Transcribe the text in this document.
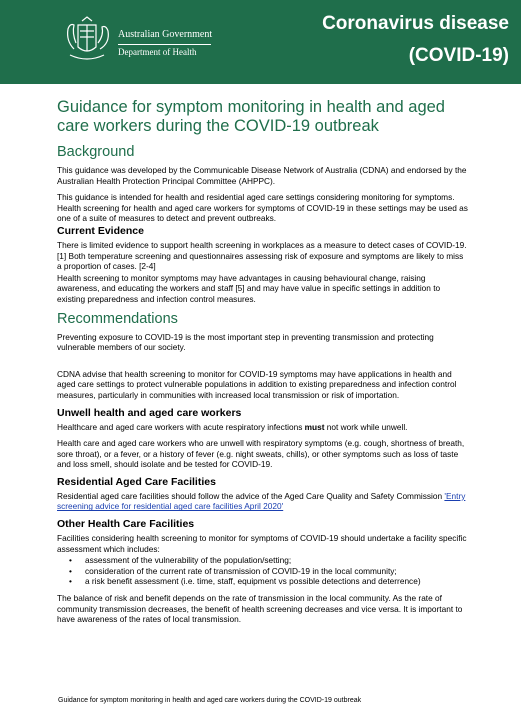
Australian Government
Department of Health
Coronavirus disease
(COVID-19)
Guidance for symptom monitoring in health and aged care workers during the COVID-19 outbreak
Background

This guidance was developed by the Communicable Disease Network of Australia (CDNA) and endorsed by the Australian Health Protection Principal Committee (AHPPC).

This guidance is intended for health and residential aged care settings considering monitoring for symptoms. Health screening for health and aged care workers for symptoms of COVID-19 in these settings may be used as one of a suite of measures to detect and prevent outbreaks.

Current Evidence

There is limited evidence to support health screening in workplaces as a measure to detect cases of COVID-19. [1] Both temperature screening and questionnaires assessing risk of exposure and symptoms are likely to miss a proportion of cases. [2-4]

Health screening to monitor symptoms may have advantages in causing behavioural change, raising awareness, and educating the workers and staff [5] and may have value in specific settings in addition to existing preparedness and infection control measures.

Recommendations

Preventing exposure to COVID-19 is the most important step in preventing transmission and protecting vulnerable members of our society.

CDNA advise that health screening to monitor for COVID-19 symptoms may have applications in health and aged care settings to protect vulnerable populations in addition to existing preparedness and infection control measures, particularly in communities with increased local transmission or risk of importation.

Unwell health and aged care workers

Healthcare and aged care workers with acute respiratory infections must not work while unwell.

Health care and aged care workers who are unwell with respiratory symptoms (e.g. cough, shortness of breath, sore throat), or a fever, or a history of fever (e.g. night sweats, chills), or other symptoms such as loss of taste and loss smell, should isolate and be tested for COVID-19.

Residential Aged Care Facilities

Residential aged care facilities should follow the advice of the Aged Care Quality and Safety Commission 'Entry screening advice for residential aged care facilities April 2020'

Other Health Care Facilities

Facilities considering health screening to monitor for symptoms of COVID-19 should undertake a facility specific assessment which includes:

• assessment of the vulnerability of the population/setting;
• consideration of the current rate of transmission of COVID-19 in the local community;
• a risk benefit assessment (i.e. time, staff, equipment vs possible detections and deterrence)

The balance of risk and benefit depends on the rate of transmission in the local community. As the rate of community transmission decreases, the benefit of health screening decreases and vice versa. It is important to have awareness of the rates of local transmission.

Guidance for symptom monitoring in health and aged care workers during the COVID-19 outbreak
